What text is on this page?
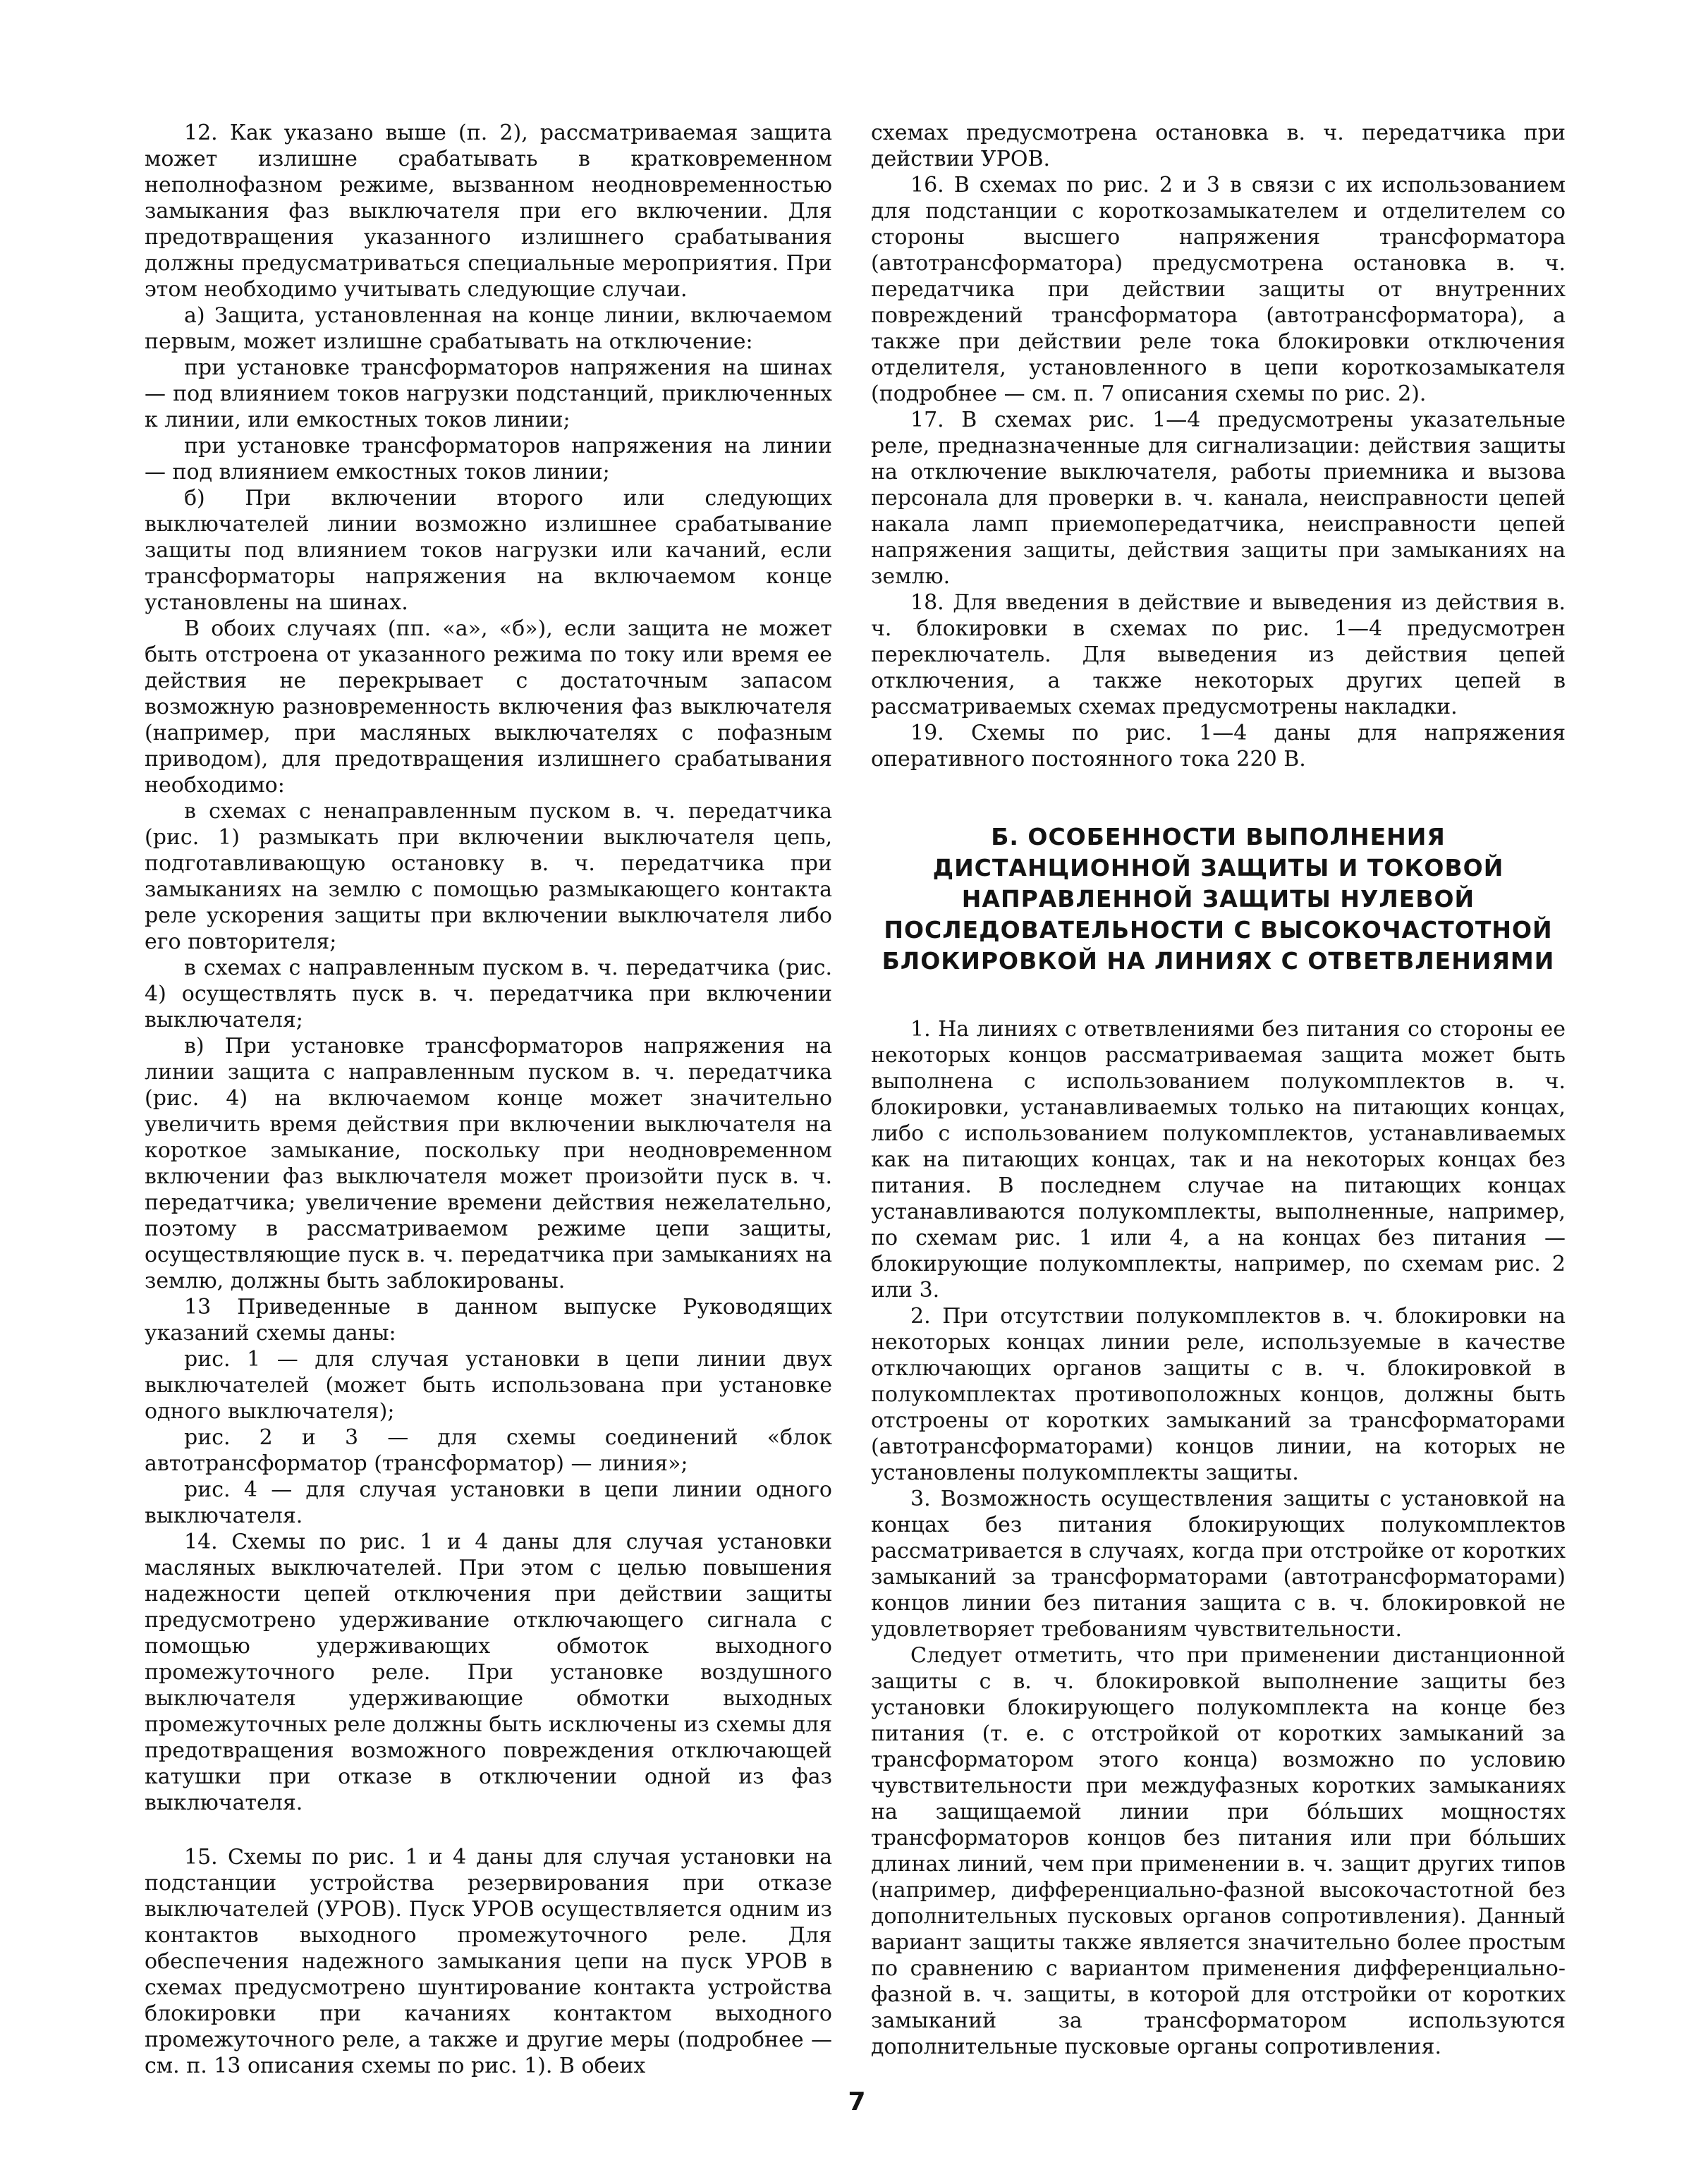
12. Как указано выше (п. 2), рассматриваемая защита может излишне срабатывать в кратковременном неполнофазном режиме, вызванном неодновременностью замыкания фаз выключателя при его включении. Для предотвращения указанного излишнего срабатывания должны предусматриваться специальные мероприятия. При этом необходимо учитывать следующие случаи.

а) Защита, установленная на конце линии, включаемом первым, может излишне срабатывать на отключение:

при установке трансформаторов напряжения на шинах — под влиянием токов нагрузки подстанций, приключенных к линии, или емкостных токов линии;

при установке трансформаторов напряжения на линии — под влиянием емкостных токов линии;

б) При включении второго или следующих выключателей линии возможно излишнее срабатывание защиты под влиянием токов нагрузки или качаний, если трансформаторы напряжения на включаемом конце установлены на шинах.

В обоих случаях (пп. «а», «б»), если защита не может быть отстроена от указанного режима по току или время ее действия не перекрывает с достаточным запасом возможную разновременность включения фаз выключателя (например, при масляных выключателях с пофазным приводом), для предотвращения излишнего срабатывания необходимо:

в схемах с ненаправленным пуском в. ч. передатчика (рис. 1) размыкать при включении выключателя цепь, подготавливающую остановку в. ч. передатчика при замыканиях на землю с помощью размыкающего контакта реле ускорения защиты при включении выключателя либо его повторителя;

в схемах с направленным пуском в. ч. передатчика (рис. 4) осуществлять пуск в. ч. передатчика при включении выключателя;

в) При установке трансформаторов напряжения на линии защита с направленным пуском в. ч. передатчика (рис. 4) на включаемом конце может значительно увеличить время действия при включении выключателя на короткое замыкание, поскольку при неодновременном включении фаз выключателя может произойти пуск в. ч. передатчика; увеличение времени действия нежелательно, поэтому в рассматриваемом режиме цепи защиты, осуществляющие пуск в. ч. передатчика при замыканиях на землю, должны быть заблокированы.

13 Приведенные в данном выпуске Руководящих указаний схемы даны:

рис. 1 — для случая установки в цепи линии двух выключателей (может быть использована при установке одного выключателя);

рис. 2 и 3 — для схемы соединений «блок автотрансформатор (трансформатор) — линия»;

рис. 4 — для случая установки в цепи линии одного выключателя.

14. Схемы по рис. 1 и 4 даны для случая установки масляных выключателей. При этом с целью повышения надежности цепей отключения при действии защиты предусмотрено удерживание отключающего сигнала с помощью удерживающих обмоток выходного промежуточного реле. При установке воздушного выключателя удерживающие обмотки выходных промежуточных реле должны быть исключены из схемы для предотвращения возможного повреждения отключающей катушки при отказе в отключении одной из фаз выключателя.

15. Схемы по рис. 1 и 4 даны для случая установки на подстанции устройства резервирования при отказе выключателей (УРОВ). Пуск УРОВ осуществляется одним из контактов выходного промежуточного реле. Для обеспечения надежного замыкания цепи на пуск УРОВ в схемах предусмотрено шунтирование контакта устройства блокировки при качаниях контактом выходного промежуточного реле, а также и другие меры (подробнее — см. п. 13 описания схемы по рис. 1). В обеих

схемах предусмотрена остановка в. ч. передатчика при действии УРОВ.

16. В схемах по рис. 2 и 3 в связи с их использованием для подстанции с короткозамыкателем и отделителем со стороны высшего напряжения трансформатора (автотрансформатора) предусмотрена остановка в. ч. передатчика при действии защиты от внутренних повреждений трансформатора (автотрансформатора), а также при действии реле тока блокировки отключения отделителя, установленного в цепи короткозамыкателя (подробнее — см. п. 7 описания схемы по рис. 2).

17. В схемах рис. 1—4 предусмотрены указательные реле, предназначенные для сигнализации: действия защиты на отключение выключателя, работы приемника и вызова персонала для проверки в. ч. канала, неисправности цепей накала ламп приемопередатчика, неисправности цепей напряжения защиты, действия защиты при замыканиях на землю.

18. Для введения в действие и выведения из действия в. ч. блокировки в схемах по рис. 1—4 предусмотрен переключатель. Для выведения из действия цепей отключения, а также некоторых других цепей в рассматриваемых схемах предусмотрены накладки.

19. Схемы по рис. 1—4 даны для напряжения оперативного постоянного тока 220 В.

Б. ОСОБЕННОСТИ ВЫПОЛНЕНИЯ ДИСТАНЦИОННОЙ ЗАЩИТЫ И ТОКОВОЙ НАПРАВЛЕННОЙ ЗАЩИТЫ НУЛЕВОЙ ПОСЛЕДОВАТЕЛЬНОСТИ С ВЫСОКОЧАСТОТНОЙ БЛОКИРОВКОЙ НА ЛИНИЯХ С ОТВЕТВЛЕНИЯМИ

1. На линиях с ответвлениями без питания со стороны ее некоторых концов рассматриваемая защита может быть выполнена с использованием полукомплектов в. ч. блокировки, устанавливаемых только на питающих концах, либо с использованием полукомплектов, устанавливаемых как на питающих концах, так и на некоторых концах без питания. В последнем случае на питающих концах устанавливаются полукомплекты, выполненные, например, по схемам рис. 1 или 4, а на концах без питания — блокирующие полукомплекты, например, по схемам рис. 2 или 3.

2. При отсутствии полукомплектов в. ч. блокировки на некоторых концах линии реле, используемые в качестве отключающих органов защиты с в. ч. блокировкой в полукомплектах противоположных концов, должны быть отстроены от коротких замыканий за трансформаторами (автотрансформаторами) концов линии, на которых не установлены полукомплекты защиты.

3. Возможность осуществления защиты с установкой на концах без питания блокирующих полукомплектов рассматривается в случаях, когда при отстройке от коротких замыканий за трансформаторами (автотрансформаторами) концов линии без питания защита с в. ч. блокировкой не удовлетворяет требованиям чувствительности.

Следует отметить, что при применении дистанционной защиты с в. ч. блокировкой выполнение защиты без установки блокирующего полукомплекта на конце без питания (т. е. с отстройкой от коротких замыканий за трансформатором этого конца) возможно по условию чувствительности при междуфазных коротких замыканиях на защищаемой линии при бóльших мощностях трансформаторов концов без питания или при бóльших длинах линий, чем при применении в. ч. защит других типов (например, дифференциально-фазной высокочастотной без дополнительных пусковых органов сопротивления). Данный вариант защиты также является значительно более простым по сравнению с вариантом применения дифференциально-фазной в. ч. защиты, в которой для отстройки от коротких замыканий за трансформатором используются дополнительные пусковые органы сопротивления.

7
